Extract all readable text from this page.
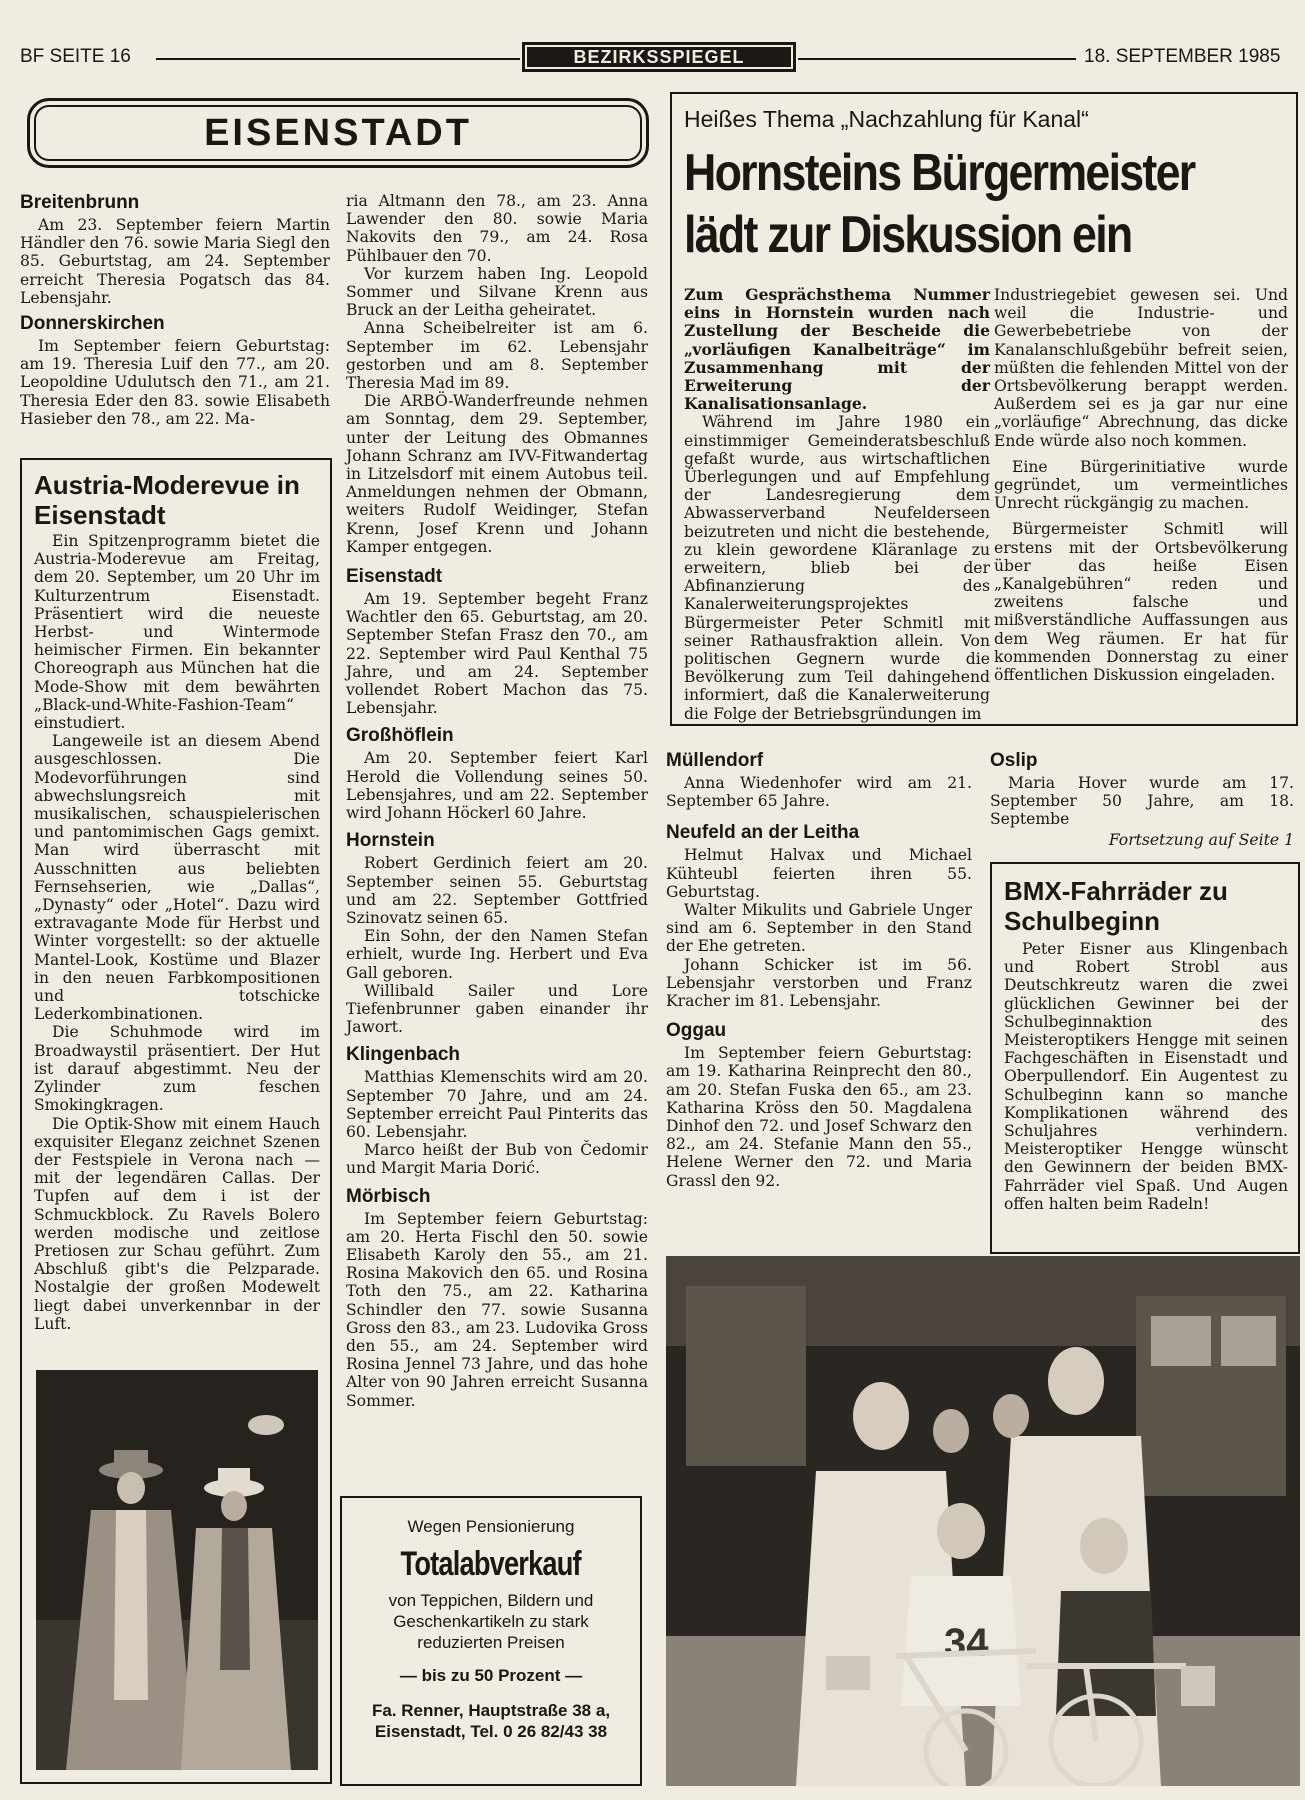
BF SEITE 16	BEZIRKSSPIEGEL	18. SEPTEMBER 1985
EISENSTADT
Breitenbrunn

Am 23. September feiern Martin Händler den 76. sowie Maria Siegl den 85. Geburtstag, am 24. September erreicht Theresia Pogatsch das 84. Lebensjahr.

Donnerskirchen

Im September feiern Geburtstag: am 19. Theresia Luif den 77., am 20. Leopoldine Udulutsch den 71., am 21. Theresia Eder den 83. sowie Elisabeth Hasieber den 78., am 22. Ma-

Austria-Moderevue in Eisenstadt

Ein Spitzenprogramm bietet die Austria-Moderevue am Freitag, dem 20. September, um 20 Uhr im Kulturzentrum Eisenstadt. Präsentiert wird die neueste Herbst- und Wintermode heimischer Firmen. Ein bekannter Choreograph aus München hat die Mode-Show mit dem bewährten „Black-und-White-Fashion-Team“ einstudiert.

Langeweile ist an diesem Abend ausgeschlossen. Die Modevorführungen sind abwechslungsreich mit musikalischen, schauspielerischen und pantomimischen Gags gemixt. Man wird überrascht mit Ausschnitten aus beliebten Fernsehserien, wie „Dallas“, „Dynasty“ oder „Hotel“. Dazu wird extravagante Mode für Herbst und Winter vorgestellt: so der aktuelle Mantel-Look, Kostüme und Blazer in den neuen Farbkompositionen und totschicke Lederkombinationen.

Die Schuhmode wird im Broadwaystil präsentiert. Der Hut ist darauf abgestimmt. Neu der Zylinder zum feschen Smokingkragen.

Die Optik-Show mit einem Hauch exquisiter Eleganz zeichnet Szenen der Festspiele in Verona nach — mit der legendären Callas. Der Tupfen auf dem i ist der Schmuckblock. Zu Ravels Bolero werden modische und zeitlose Pretiosen zur Schau geführt. Zum Abschluß gibt's die Pelzparade. Nostalgie der großen Modewelt liegt dabei unverkennbar in der Luft.

ria Altmann den 78., am 23. Anna Lawender den 80. sowie Maria Nakovits den 79., am 24. Rosa Pühlbauer den 70.

Vor kurzem haben Ing. Leopold Sommer und Silvane Krenn aus Bruck an der Leitha geheiratet.

Anna Scheibelreiter ist am 6. September im 62. Lebensjahr gestorben und am 8. September Theresia Mad im 89.

Die ARBÖ-Wanderfreunde nehmen am Sonntag, dem 29. September, unter der Leitung des Obmannes Johann Schranz am IVV-Fitwandertag in Litzelsdorf mit einem Autobus teil. Anmeldungen nehmen der Obmann, weiters Rudolf Weidinger, Stefan Krenn, Josef Krenn und Johann Kamper entgegen.

Eisenstadt

Am 19. September begeht Franz Wachtler den 65. Geburtstag, am 20. September Stefan Frasz den 70., am 22. September wird Paul Kenthal 75 Jahre, und am 24. September vollendet Robert Machon das 75. Lebensjahr.

Großhöflein

Am 20. September feiert Karl Herold die Vollendung seines 50. Lebensjahres, und am 22. September wird Johann Höckerl 60 Jahre.

Hornstein

Robert Gerdinich feiert am 20. September seinen 55. Geburtstag und am 22. September Gottfried Szinovatz seinen 65.

Ein Sohn, der den Namen Stefan erhielt, wurde Ing. Herbert und Eva Gall geboren.

Willibald Sailer und Lore Tiefenbrunner gaben einander ihr Jawort.

Klingenbach

Matthias Klemenschits wird am 20. September 70 Jahre, und am 24. September erreicht Paul Pinterits das 60. Lebensjahr.

Marco heißt der Bub von Čedomir und Margit Maria Dorić.

Mörbisch

Im September feiern Geburtstag: am 20. Herta Fischl den 50. sowie Elisabeth Karoly den 55., am 21. Rosina Makovich den 65. und Rosina Toth den 75., am 22. Katharina Schindler den 77. sowie Susanna Gross den 83., am 23. Ludovika Gross den 55., am 24. September wird Rosina Jennel 73 Jahre, und das hohe Alter von 90 Jahren erreicht Susanna Sommer.

Wegen Pensionierung
Totalabverkauf
von Teppichen, Bildern und Geschenkartikeln zu stark reduzierten Preisen
— bis zu 50 Prozent —
Fa. Renner, Hauptstraße 38 a,
Eisenstadt, Tel. 0 26 82/43 38
Heißes Thema „Nachzahlung für Kanal“
Hornsteins Bürgermeister
lädt zur Diskussion ein

Zum Gesprächsthema Nummer eins in Hornstein wurden nach Zustellung der Bescheide die „vorläufigen Kanalbeiträge“ im Zusammenhang mit der Erweiterung der Kanalisationsanlage.

Während im Jahre 1980 ein einstimmiger Gemeinderatsbeschluß gefaßt wurde, aus wirtschaftlichen Überlegungen und auf Empfehlung der Landesregierung dem Abwasserverband Neufelderseen beizutreten und nicht die bestehende, zu klein gewordene Kläranlage zu erweitern, blieb bei der Abfinanzierung des Kanalerweiterungsprojektes Bürgermeister Peter Schmitl mit seiner Rathausfraktion allein. Von politischen Gegnern wurde die Bevölkerung zum Teil dahingehend informiert, daß die Kanalerweiterung die Folge der Betriebsgründungen im

Industriegebiet gewesen sei. Und weil die Industrie- und Gewerbebetriebe von der Kanalanschlußgebühr befreit seien, müßten die fehlenden Mittel von der Ortsbevölkerung berappt werden. Außerdem sei es ja gar nur eine „vorläufige“ Abrechnung, das dicke Ende würde also noch kommen.

Eine Bürgerinitiative wurde gegründet, um vermeintliches Unrecht rückgängig zu machen.

Bürgermeister Schmitl will erstens mit der Ortsbevölkerung über das heiße Eisen „Kanalgebühren“ reden und zweitens falsche und mißverständliche Auffassungen aus dem Weg räumen. Er hat für kommenden Donnerstag zu einer öffentlichen Diskussion eingeladen.

Müllendorf

Anna Wiedenhofer wird am 21. September 65 Jahre.

Neufeld an der Leitha

Helmut Halvax und Michael Kühteubl feierten ihren 55. Geburtstag.

Walter Mikulits und Gabriele Unger sind am 6. September in den Stand der Ehe getreten.

Johann Schicker ist im 56. Lebensjahr verstorben und Franz Kracher im 81. Lebensjahr.

Oggau

Im September feiern Geburtstag: am 19. Katharina Reinprecht den 80., am 20. Stefan Fuska den 65., am 23. Katharina Kröss den 50. Magdalena Dinhof den 72. und Josef Schwarz den 82., am 24. Stefanie Mann den 55., Helene Werner den 72. und Maria Grassl den 92.

Oslip

Maria Hover wurde am 17. September 50 Jahre, am 18. Septembe

Fortsetzung auf Seite 1
BMX-Fahrräder zu Schulbeginn

Peter Eisner aus Klingenbach und Robert Strobl aus Deutschkreutz waren die zwei glücklichen Gewinner bei der Schulbeginnaktion des Meisteroptikers Hengge mit seinen Fachgeschäften in Eisenstadt und Oberpullendorf. Ein Augentest zu Schulbeginn kann so manche Komplikationen während des Schuljahres verhindern. Meisteroptiker Hengge wünscht den Gewinnern der beiden BMX-Fahrräder viel Spaß. Und Augen offen halten beim Radeln!

34
